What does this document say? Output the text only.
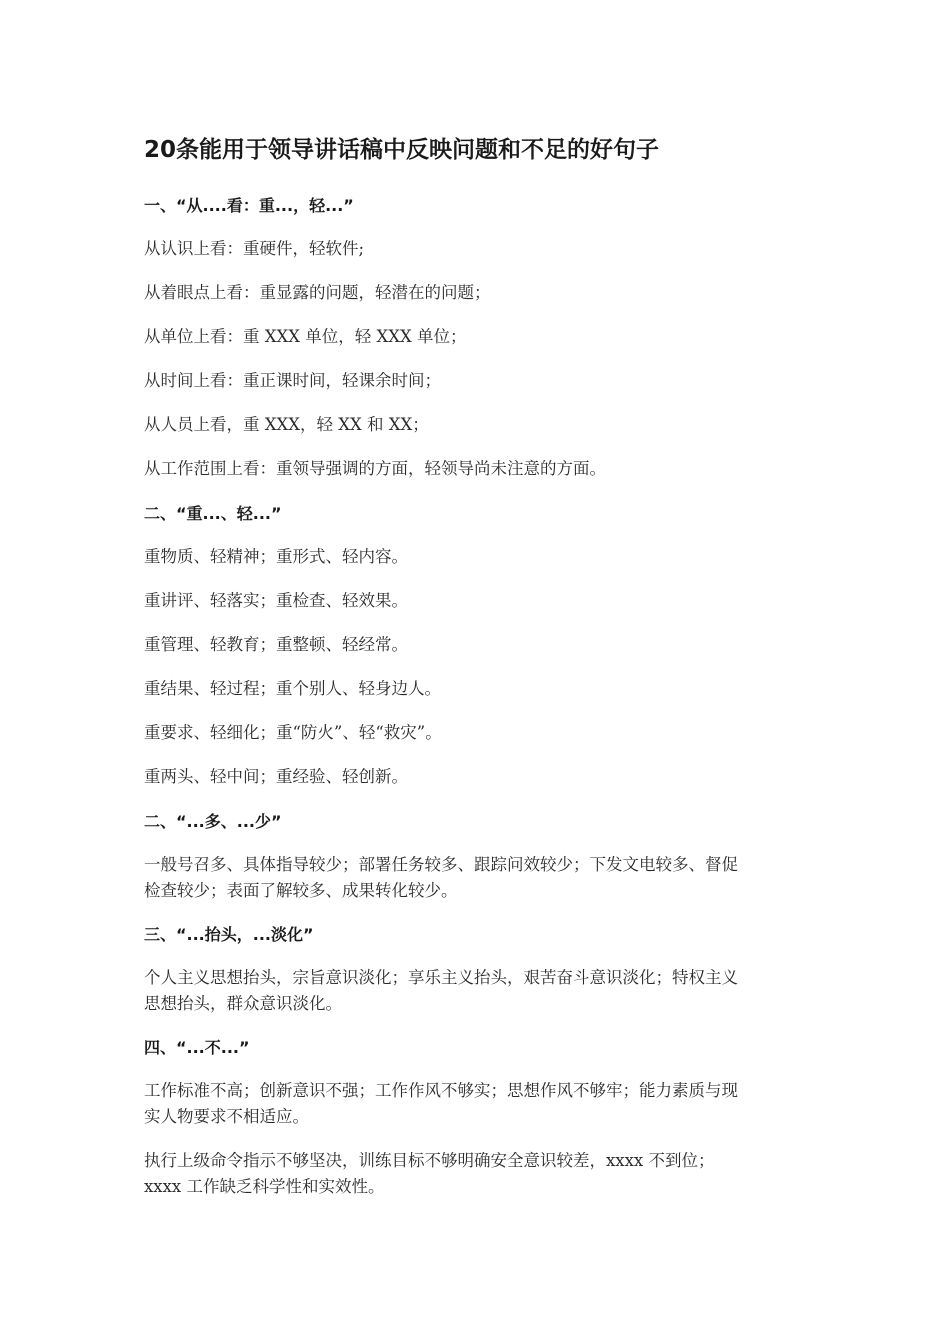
20条能用于领导讲话稿中反映问题和不足的好句子
一、“从....看：重...，轻...”
从认识上看：重硬件，轻软件;
从着眼点上看：重显露的问题，轻潜在的问题；
从单位上看：重 XXX 单位，轻 XXX 单位；
从时间上看：重正课时间，轻课余时间；
从人员上看，重 XXX，轻 XX 和 XX；
从工作范围上看：重领导强调的方面，轻领导尚未注意的方面。
二、“重...、轻...”
重物质、轻精神；重形式、轻内容。
重讲评、轻落实；重检查、轻效果。
重管理、轻教育；重整顿、轻经常。
重结果、轻过程；重个别人、轻身边人。
重要求、轻细化；重“防火”、轻“救灾”。
重两头、轻中间；重经验、轻创新。
二、“...多、...少”
一般号召多、具体指导较少；部署任务较多、跟踪问效较少；下发文电较多、督促
检查较少；表面了解较多、成果转化较少。
三、“...抬头，...淡化”
个人主义思想抬头，宗旨意识淡化；享乐主义抬头，艰苦奋斗意识淡化；特权主义
思想抬头，群众意识淡化。
四、“...不...”
工作标准不高；创新意识不强；工作作风不够实；思想作风不够牢；能力素质与现
实人物要求不相适应。
执行上级命令指示不够坚决，训练目标不够明确安全意识较差，xxxx 不到位；
xxxx 工作缺乏科学性和实效性。
